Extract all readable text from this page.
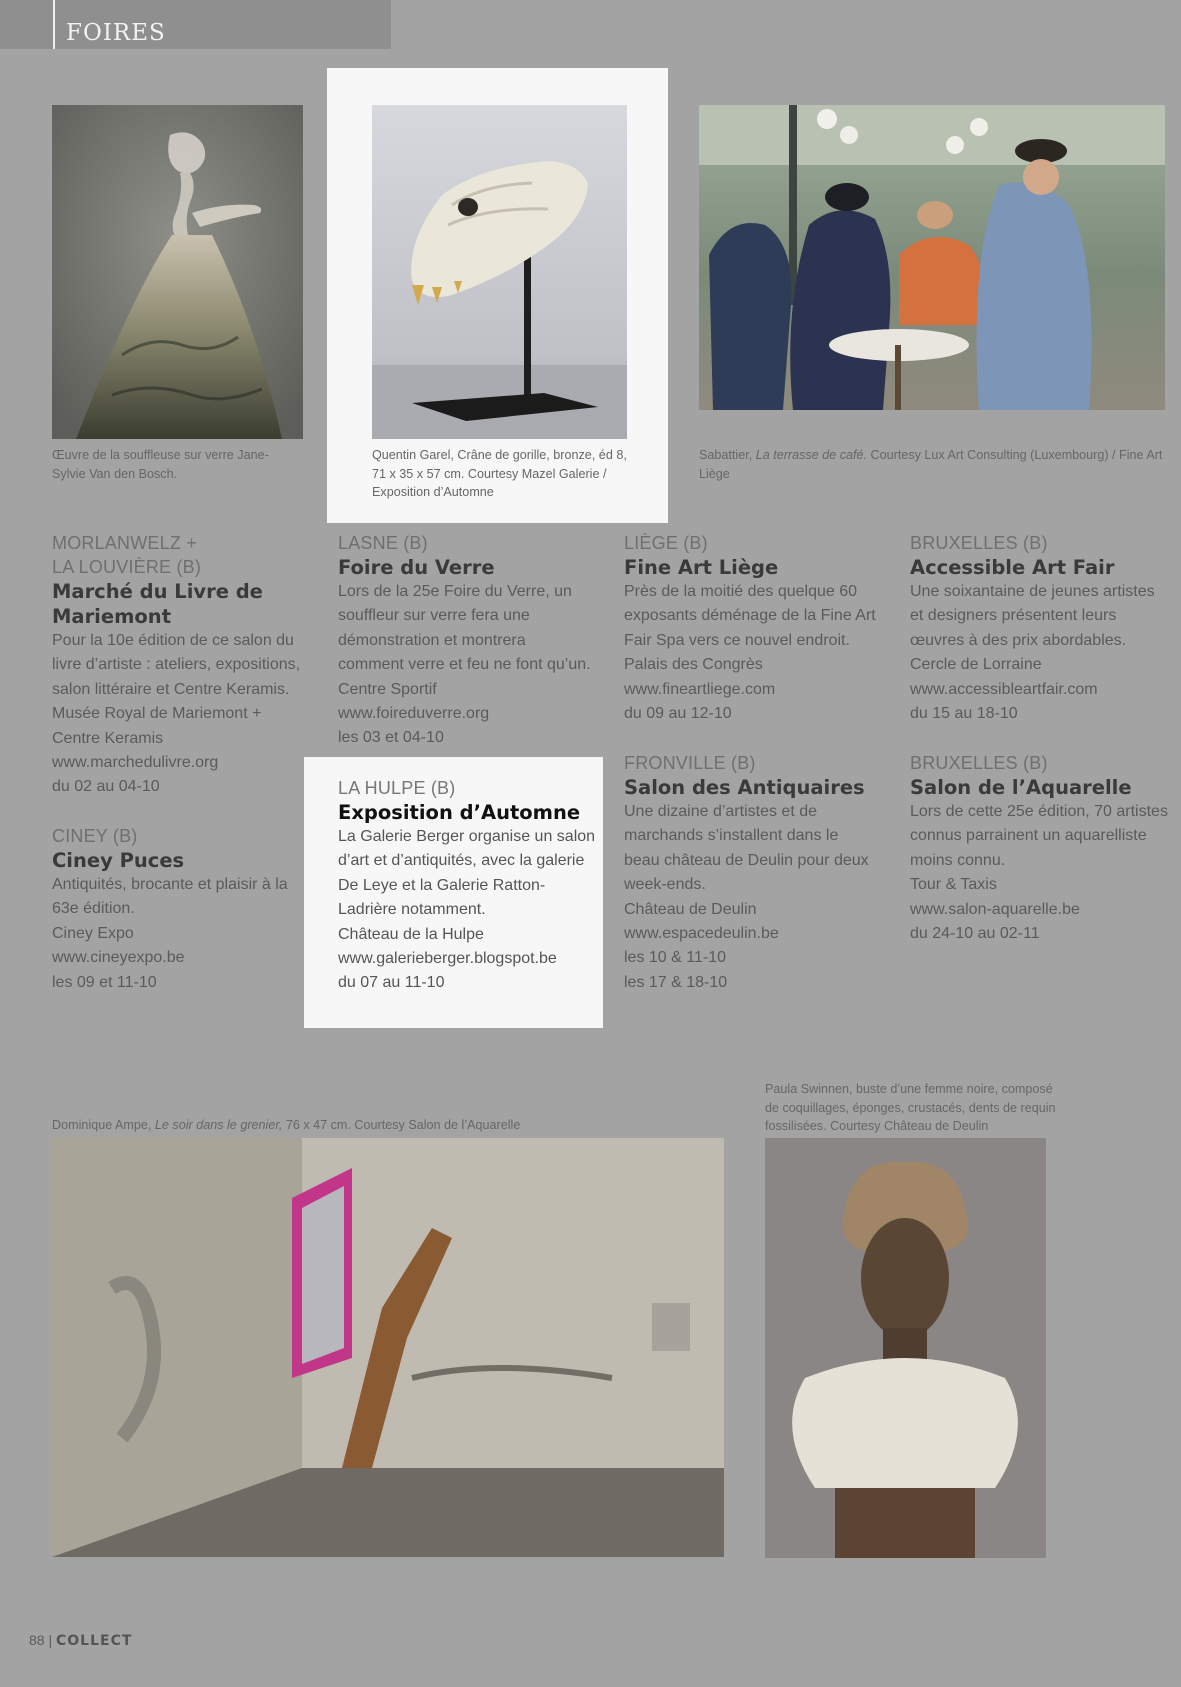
FOIRES
Œuvre de la souffleuse sur verre Jane-Sylvie Van den Bosch.
Quentin Garel, Crâne de gorille, bronze, éd 8, 71 x 35 x 57 cm. Courtesy Mazel Galerie / Exposition d’Automne
Sabattier, La terrasse de café. Courtesy Lux Art Consulting (Luxembourg) / Fine Art Liège
MORLANWELZ +
LA LOUVIÈRE (B)
Marché du Livre de
Mariemont
Pour la 10e édition de ce salon du livre d’artiste : ateliers, expositions, salon littéraire et Centre Keramis.
Musée Royal de Mariemont +
Centre Keramis
www.marchedulivre.org
du 02 au 04-10
LASNE (B)
Foire du Verre
Lors de la 25e Foire du Verre, un souffleur sur verre fera une démonstration et montrera comment verre et feu ne font qu’un.
Centre Sportif
www.foireduverre.org
les 03 et 04-10
LIÈGE (B)
Fine Art Liège
Près de la moitié des quelque 60 exposants déménage de la Fine Art Fair Spa vers ce nouvel endroit.
Palais des Congrès
www.fineartliege.com
du 09 au 12-10
BRUXELLES (B)
Accessible Art Fair
Une soixantaine de jeunes artistes et designers présentent leurs œuvres à des prix abordables.
Cercle de Lorraine
www.accessibleartfair.com
du 15 au 18-10
CINEY (B)
Ciney Puces
Antiquités, brocante et plaisir à la 63e édition.
Ciney Expo
www.cineyexpo.be
les 09 et 11-10
LA HULPE (B)
Exposition d’Automne
La Galerie Berger organise un salon d’art et d’antiquités, avec la galerie De Leye et la Galerie Ratton-Ladrière notamment.
Château de la Hulpe
www.galerieberger.blogspot.be
du 07 au 11-10
FRONVILLE (B)
Salon des Antiquaires
Une dizaine d’artistes et de marchands s’installent dans le beau château de Deulin pour deux week-ends.
Château de Deulin
www.espacedeulin.be
les 10 & 11-10
les 17 & 18-10
BRUXELLES (B)
Salon de l’Aquarelle
Lors de cette 25e édition, 70 artistes connus parrainent un aquarelliste moins connu.
Tour & Taxis
www.salon-aquarelle.be
du 24-10 au 02-11
Dominique Ampe, Le soir dans le grenier, 76 x 47 cm. Courtesy Salon de l’Aquarelle
Paula Swinnen, buste d’une femme noire, composé de coquillages, éponges, crustacés, dents de requin fossilisées. Courtesy Château de Deulin
88 | COLLECT
